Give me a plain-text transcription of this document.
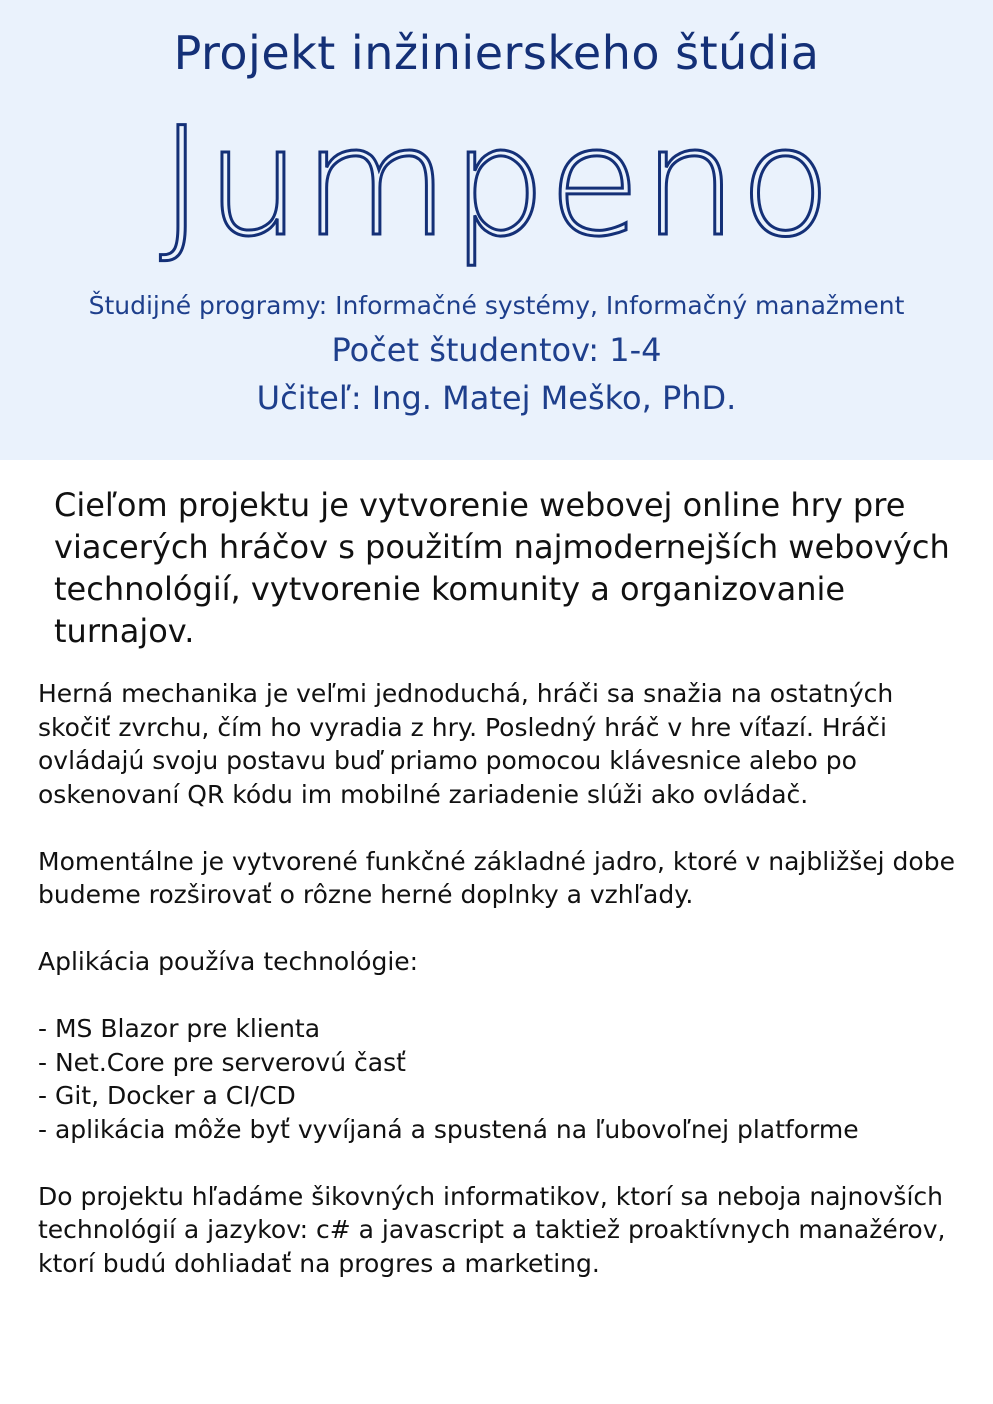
Projekt inžinierskeho štúdia
Jumpeno
Študijné programy: Informačné systémy, Informačný manažment
Počet študentov: 1-4
Učiteľ: Ing. Matej Meško, PhD.

Cieľom projektu je vytvorenie webovej online hry pre viacerých hráčov s použitím najmodernejších webových technológií, vytvorenie komunity a organizovanie turnajov.

Herná mechanika je veľmi jednoduchá, hráči sa snažia na ostatných skočiť zvrchu, čím ho vyradia z hry. Posledný hráč v hre víťazí. Hráči ovládajú svoju postavu buď priamo pomocou klávesnice alebo po oskenovaní QR kódu im mobilné zariadenie slúži ako ovládač.

Momentálne je vytvorené funkčné základné jadro, ktoré v najbližšej dobe budeme rozširovať o rôzne herné doplnky a vzhľady.

Aplikácia používa technológie:

- MS Blazor pre klienta
- Net.Core pre serverovú časť
- Git, Docker a CI/CD
- aplikácia môže byť vyvíjaná a spustená na ľubovoľnej platforme

Do projektu hľadáme šikovných informatikov, ktorí sa neboja najnovších technológií a jazykov: c# a javascript a taktiež proaktívnych manažérov, ktorí budú dohliadať na progres a marketing.
